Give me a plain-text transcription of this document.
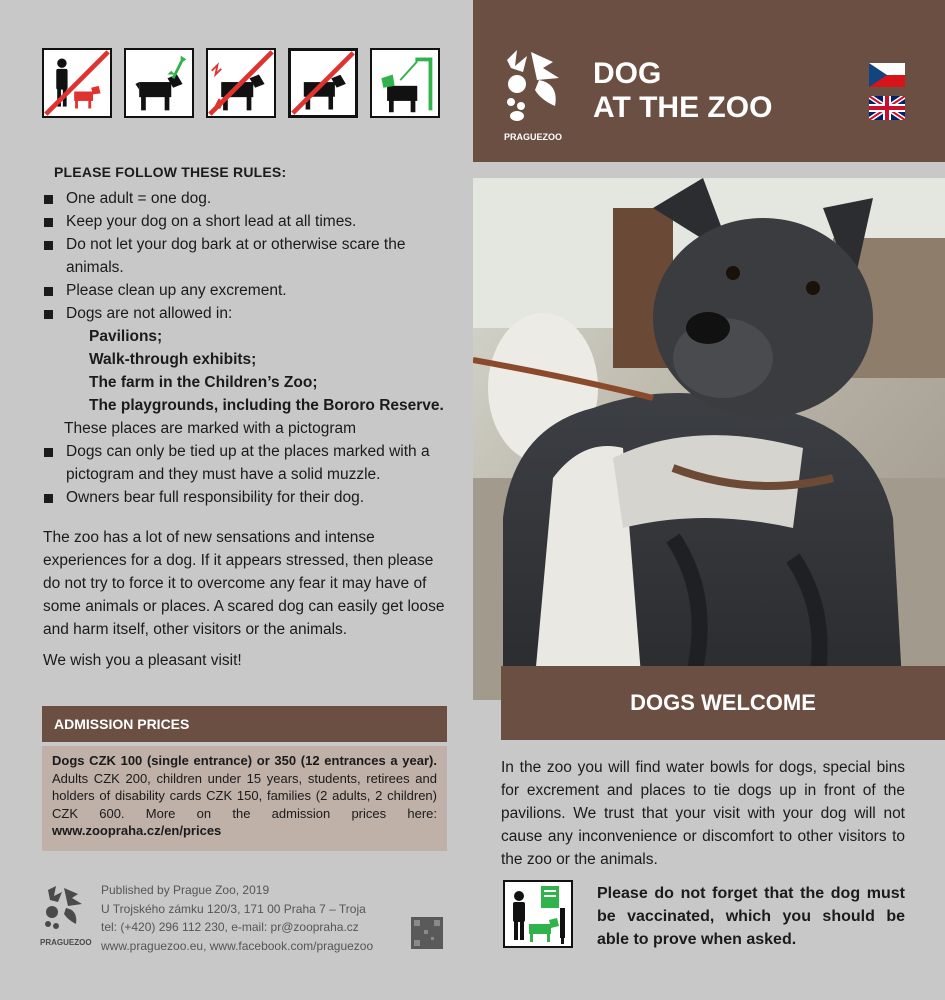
PLEASE FOLLOW THESE RULES:
One adult = one dog.
Keep your dog on a short lead at all times.
Do not let your dog bark at or otherwise scare the animals.
Please clean up any excrement.
Dogs are not allowed in:
Pavilions;
Walk-through exhibits;
The farm in the Children’s Zoo;
The playgrounds, including the Bororo Reserve.
These places are marked with a pictogram
Dogs can only be tied up at the places marked with a pictogram and they must have a solid muzzle.
Owners bear full responsibility for their dog.
The zoo has a lot of new sensations and intense experiences for a dog. If it appears stressed, then please do not try to force it to overcome any fear it may have of some animals or places. A scared dog can easily get loose and harm itself, other visitors or the animals.
We wish you a pleasant visit!
ADMISSION PRICES
Dogs CZK 100 (single entrance) or 350 (12 entrances a year). Adults CZK 200, children under 15 years, students, retirees and holders of disability cards CZK 150, families (2 adults, 2 children) CZK 600. More on the admission prices here: www.zoopraha.cz/en/prices
PRAGUEZOO
Published by Prague Zoo, 2019
U Trojského zámku 120/3, 171 00 Praha 7 – Troja
tel: (+420) 296 112 230, e-mail: pr@zoopraha.cz
www.praguezoo.eu, www.facebook.com/praguezoo
PRAGUEZOO
DOG
AT THE ZOO
DOGS WELCOME
In the zoo you will find water bowls for dogs, special bins for excrement and places to tie dogs up in front of the pavilions. We trust that your visit with your dog will not cause any inconvenience or discomfort to other visitors to the zoo or the animals.
Please do not forget that the dog must be vaccinated, which you should be able to prove when asked.
